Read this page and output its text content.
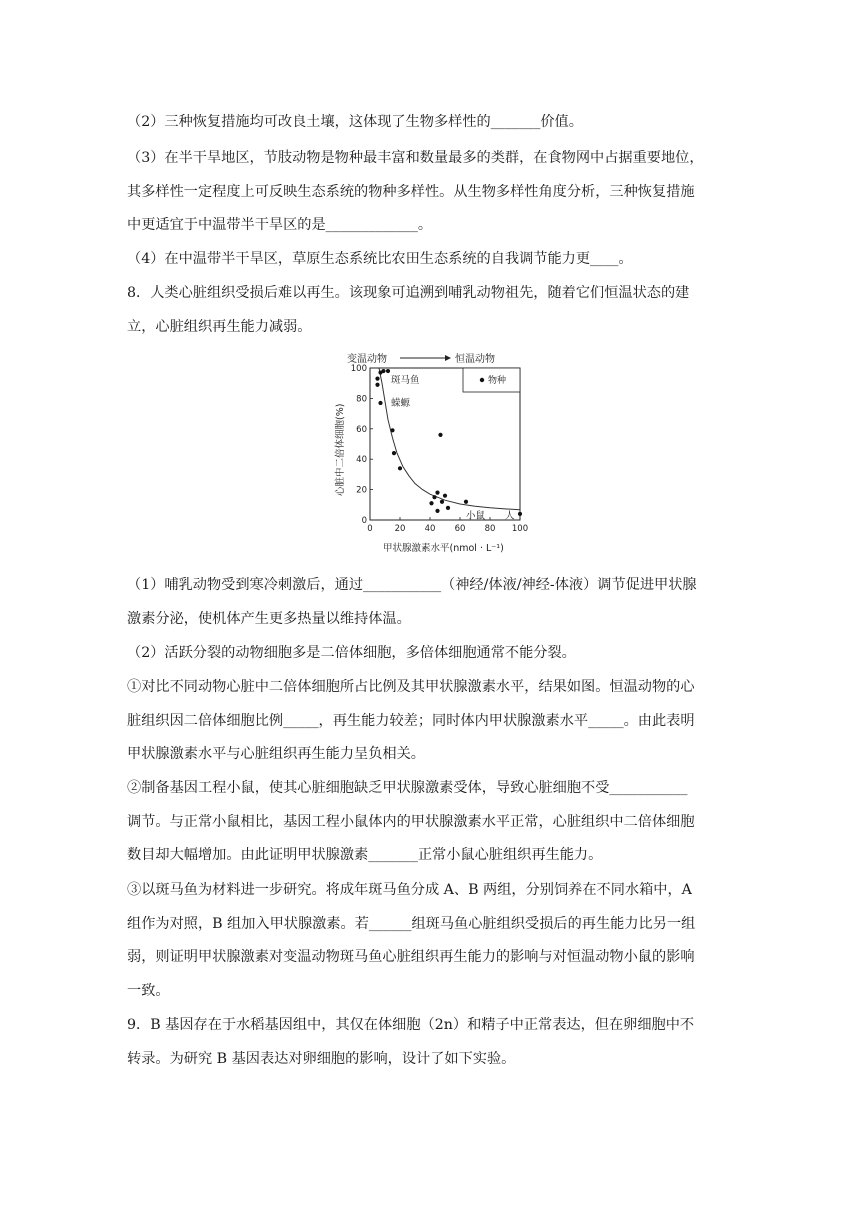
（2）三种恢复措施均可改良土壤，这体现了生物多样性的_______价值。
（3）在半干旱地区，节肢动物是物种最丰富和数量最多的类群，在食物网中占据重要地位，
其多样性一定程度上可反映生态系统的物种多样性。从生物多样性角度分析，三种恢复措施
中更适宜于中温带半干旱区的是_____________。
（4）在中温带半干旱区，草原生态系统比农田生态系统的自我调节能力更____。
8．人类心脏组织受损后难以再生。该现象可追溯到哺乳动物祖先，随着它们恒温状态的建
立，心脏组织再生能力减弱。
变温动物	恒温动物
物种
心脏中二倍体细胞(%)
甲状腺激素水平(nmol · L⁻¹)
0	20 40 60 80 100
0
20
40
60
80
100
斑马鱼
蝾螈
小鼠 人
（1）哺乳动物受到寒冷刺激后，通过___________（神经/体液/神经-体液）调节促进甲状腺
激素分泌，使机体产生更多热量以维持体温。
（2）活跃分裂的动物细胞多是二倍体细胞，多倍体细胞通常不能分裂。
①对比不同动物心脏中二倍体细胞所占比例及其甲状腺激素水平，结果如图。恒温动物的心
脏组织因二倍体细胞比例_____，再生能力较差；同时体内甲状腺激素水平_____。由此表明
甲状腺激素水平与心脏组织再生能力呈负相关。
②制备基因工程小鼠，使其心脏细胞缺乏甲状腺激素受体，导致心脏细胞不受___________
调节。与正常小鼠相比，基因工程小鼠体内的甲状腺激素水平正常，心脏组织中二倍体细胞
数目却大幅增加。由此证明甲状腺激素_______正常小鼠心脏组织再生能力。
③以斑马鱼为材料进一步研究。将成年斑马鱼分成 A、B 两组，分别饲养在不同水箱中，A
组作为对照，B 组加入甲状腺激素。若______组斑马鱼心脏组织受损后的再生能力比另一组
弱，则证明甲状腺激素对变温动物斑马鱼心脏组织再生能力的影响与对恒温动物小鼠的影响
一致。
9．B 基因存在于水稻基因组中，其仅在体细胞（2n）和精子中正常表达，但在卵细胞中不
转录。为研究 B 基因表达对卵细胞的影响，设计了如下实验。
